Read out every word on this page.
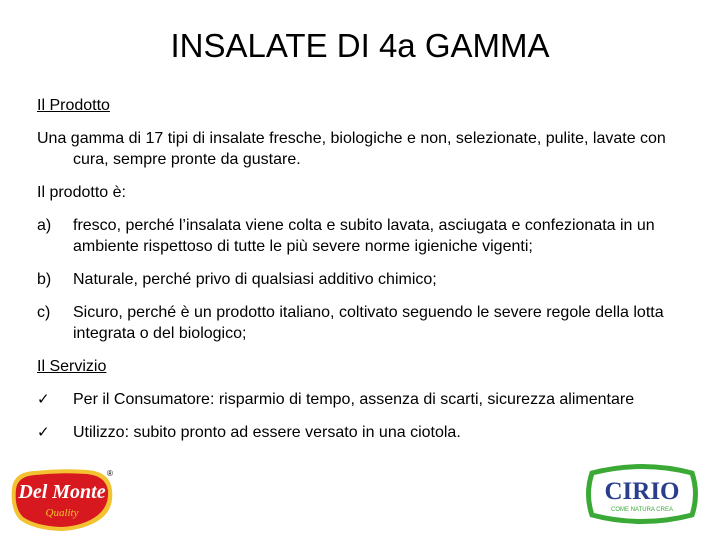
INSALATE DI 4a GAMMA

Il Prodotto

Una gamma di 17 tipi di insalate fresche, biologiche e non, selezionate, pulite, lavate con cura, sempre pronte da gustare.

Il prodotto è:

a)	fresco, perché l’insalata viene colta e subito lavata, asciugata e confezionata in un ambiente rispettoso di tutte le più severe norme igieniche vigenti;
b)	Naturale, perché privo di qualsiasi additivo chimico;
c)	Sicuro, perché è un prodotto italiano, coltivato seguendo le severe regole della lotta integrata o del biologico;

Il Servizio

✓	Per il Consumatore: risparmio di tempo, assenza di scarti, sicurezza alimentare
✓	Utilizzo: subito pronto ad essere versato in una ciotola.
Del Monte
Quality
®
CIRIO
COME NATURA CREA
